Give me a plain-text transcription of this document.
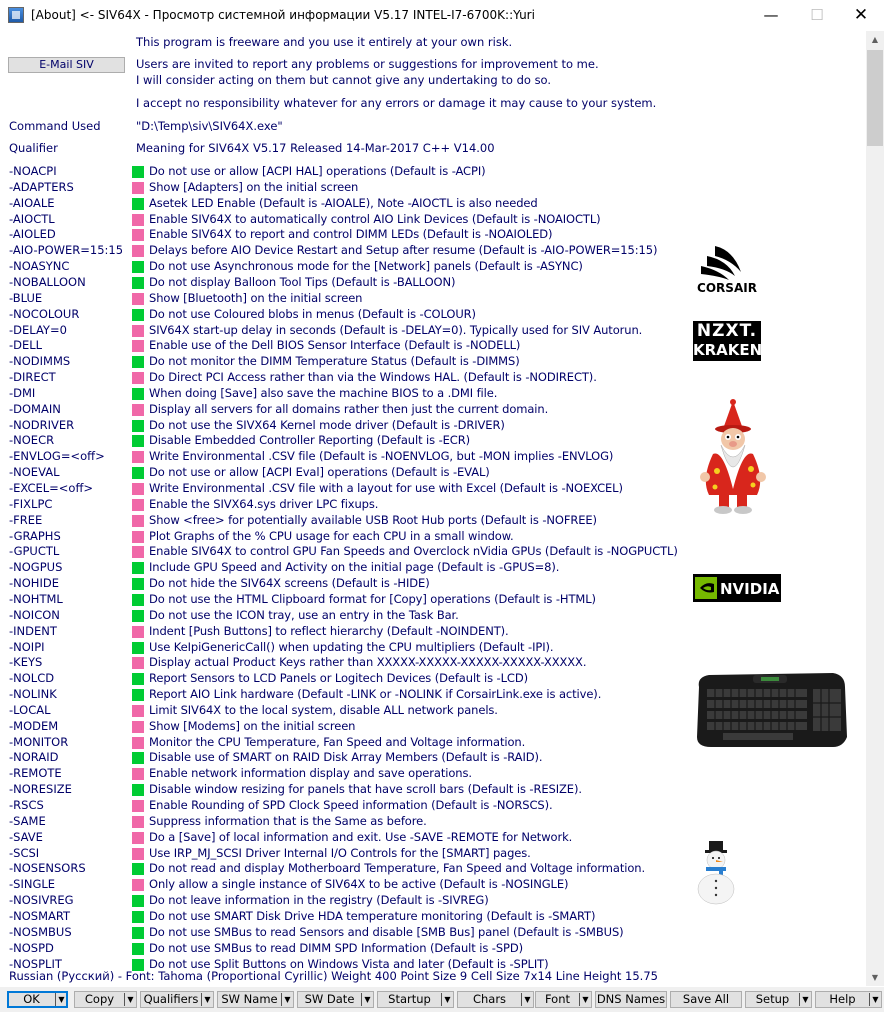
[About] <- SIV64X - Просмотр системной информации V5.17 INTEL-I7-6700K::Yuri	—	☐	✕
This program is freeware and you use it entirely at your own risk.
E-Mail SIV	Users are invited to report any problems or suggestions for improvement to me.
I will consider acting on them but cannot give any undertaking to do so.
I accept no responsibility whatever for any errors or damage it may cause to your system.
Command Used	"D:\Temp\siv\SIV64X.exe"
Qualifier	Meaning for SIV64X V5.17 Released 14-Mar-2017 C++ V14.00
-NOACPI	Do not use or allow [ACPI HAL] operations (Default is -ACPI)
-ADAPTERS	Show [Adapters] on the initial screen
-AIOALE	Asetek LED Enable (Default is -AIOALE), Note -AIOCTL is also needed
-AIOCTL	Enable SIV64X to automatically control AIO Link Devices (Default is -NOAIOCTL)
-AIOLED	Enable SIV64X to report and control DIMM LEDs (Default is -NOAIOLED)
-AIO-POWER=15:15	Delays before AIO Device Restart and Setup after resume (Default is -AIO-POWER=15:15)
-NOASYNC	Do not use Asynchronous mode for the [Network] panels (Default is -ASYNC)
-NOBALLOON	Do not display Balloon Tool Tips (Default is -BALLOON)
-BLUE	Show [Bluetooth] on the initial screen
-NOCOLOUR	Do not use Coloured blobs in menus (Default is -COLOUR)
-DELAY=0	SIV64X start-up delay in seconds (Default is -DELAY=0). Typically used for SIV Autorun.
-DELL	Enable use of the Dell BIOS Sensor Interface (Default is -NODELL)
-NODIMMS	Do not monitor the DIMM Temperature Status (Default is -DIMMS)
-DIRECT	Do Direct PCI Access rather than via the Windows HAL. (Default is -NODIRECT).
-DMI	When doing [Save] also save the machine BIOS to a .DMI file.
-DOMAIN	Display all servers for all domains rather then just the current domain.
-NODRIVER	Do not use the SIVX64 Kernel mode driver (Default is -DRIVER)
-NOECR	Disable Embedded Controller Reporting (Default is -ECR)
-ENVLOG=<off>	Write Environmental .CSV file (Default is -NOENVLOG, but -MON implies -ENVLOG)
-NOEVAL	Do not use or allow [ACPI Eval] operations (Default is -EVAL)
-EXCEL=<off>	Write Environmental .CSV file with a layout for use with Excel (Default is -NOEXCEL)
-FIXLPC	Enable the SIVX64.sys driver LPC fixups.
-FREE	Show <free> for potentially available USB Root Hub ports (Default is -NOFREE)
-GRAPHS	Plot Graphs of the % CPU usage for each CPU in a small window.
-GPUCTL	Enable SIV64X to control GPU Fan Speeds and Overclock nVidia GPUs (Default is -NOGPUCTL)
-NOGPUS	Include GPU Speed and Activity on the initial page (Default is -GPUS=8).
-NOHIDE	Do not hide the SIV64X screens (Default is -HIDE)
-NOHTML	Do not use the HTML Clipboard format for [Copy] operations (Default is -HTML)
-NOICON	Do not use the ICON tray, use an entry in the Task Bar.
-INDENT	Indent [Push Buttons] to reflect hierarchy (Default -NOINDENT).
-NOIPI	Use KeIpiGenericCall() when updating the CPU multipliers (Default -IPI).
-KEYS	Display actual Product Keys rather than XXXXX-XXXXX-XXXXX-XXXXX-XXXXX.
-NOLCD	Report Sensors to LCD Panels or Logitech Devices (Default is -LCD)
-NOLINK	Report AIO Link hardware (Default -LINK or -NOLINK if CorsairLink.exe is active).
-LOCAL	Limit SIV64X to the local system, disable ALL network panels.
-MODEM	Show [Modems] on the initial screen
-MONITOR	Monitor the CPU Temperature, Fan Speed and Voltage information.
-NORAID	Disable use of SMART on RAID Disk Array Members (Default is -RAID).
-REMOTE	Enable network information display and save operations.
-NORESIZE	Disable window resizing for panels that have scroll bars (Default is -RESIZE).
-RSCS	Enable Rounding of SPD Clock Speed information (Default is -NORSCS).
-SAME	Suppress information that is the Same as before.
-SAVE	Do a [Save] of local information and exit. Use -SAVE -REMOTE for Network.
-SCSI	Use IRP_MJ_SCSI Driver Internal I/O Controls for the [SMART] pages.
-NOSENSORS	Do not read and display Motherboard Temperature, Fan Speed and Voltage information.
-SINGLE	Only allow a single instance of SIV64X to be active (Default is -NOSINGLE)
-NOSIVREG	Do not leave information in the registry (Default is -SIVREG)
-NOSMART	Do not use SMART Disk Drive HDA temperature monitoring (Default is -SMART)
-NOSMBUS	Do not use SMBus to read Sensors and disable [SMB Bus] panel (Default is -SMBUS)
-NOSPD	Do not use SMBus to read DIMM SPD Information (Default is -SPD)
-NOSPLIT	Do not use Split Buttons on Windows Vista and later (Default is -SPLIT)
Russian (Русский) - Font: Tahoma (Proportional Cyrillic) Weight 400 Point Size 9 Cell Size 7x14 Line Height 15.75
CORSAIR
NZXT.
KRAKEN
NVIDIA.
▲
▼
OK	▼	Copy	▼ Qualifiers ▼ SW Name ▼	SW Date	▼	Startup	▼	Chars	▼	Font	▼ DNS Names	Save All	Setup	▼	Help	▼
